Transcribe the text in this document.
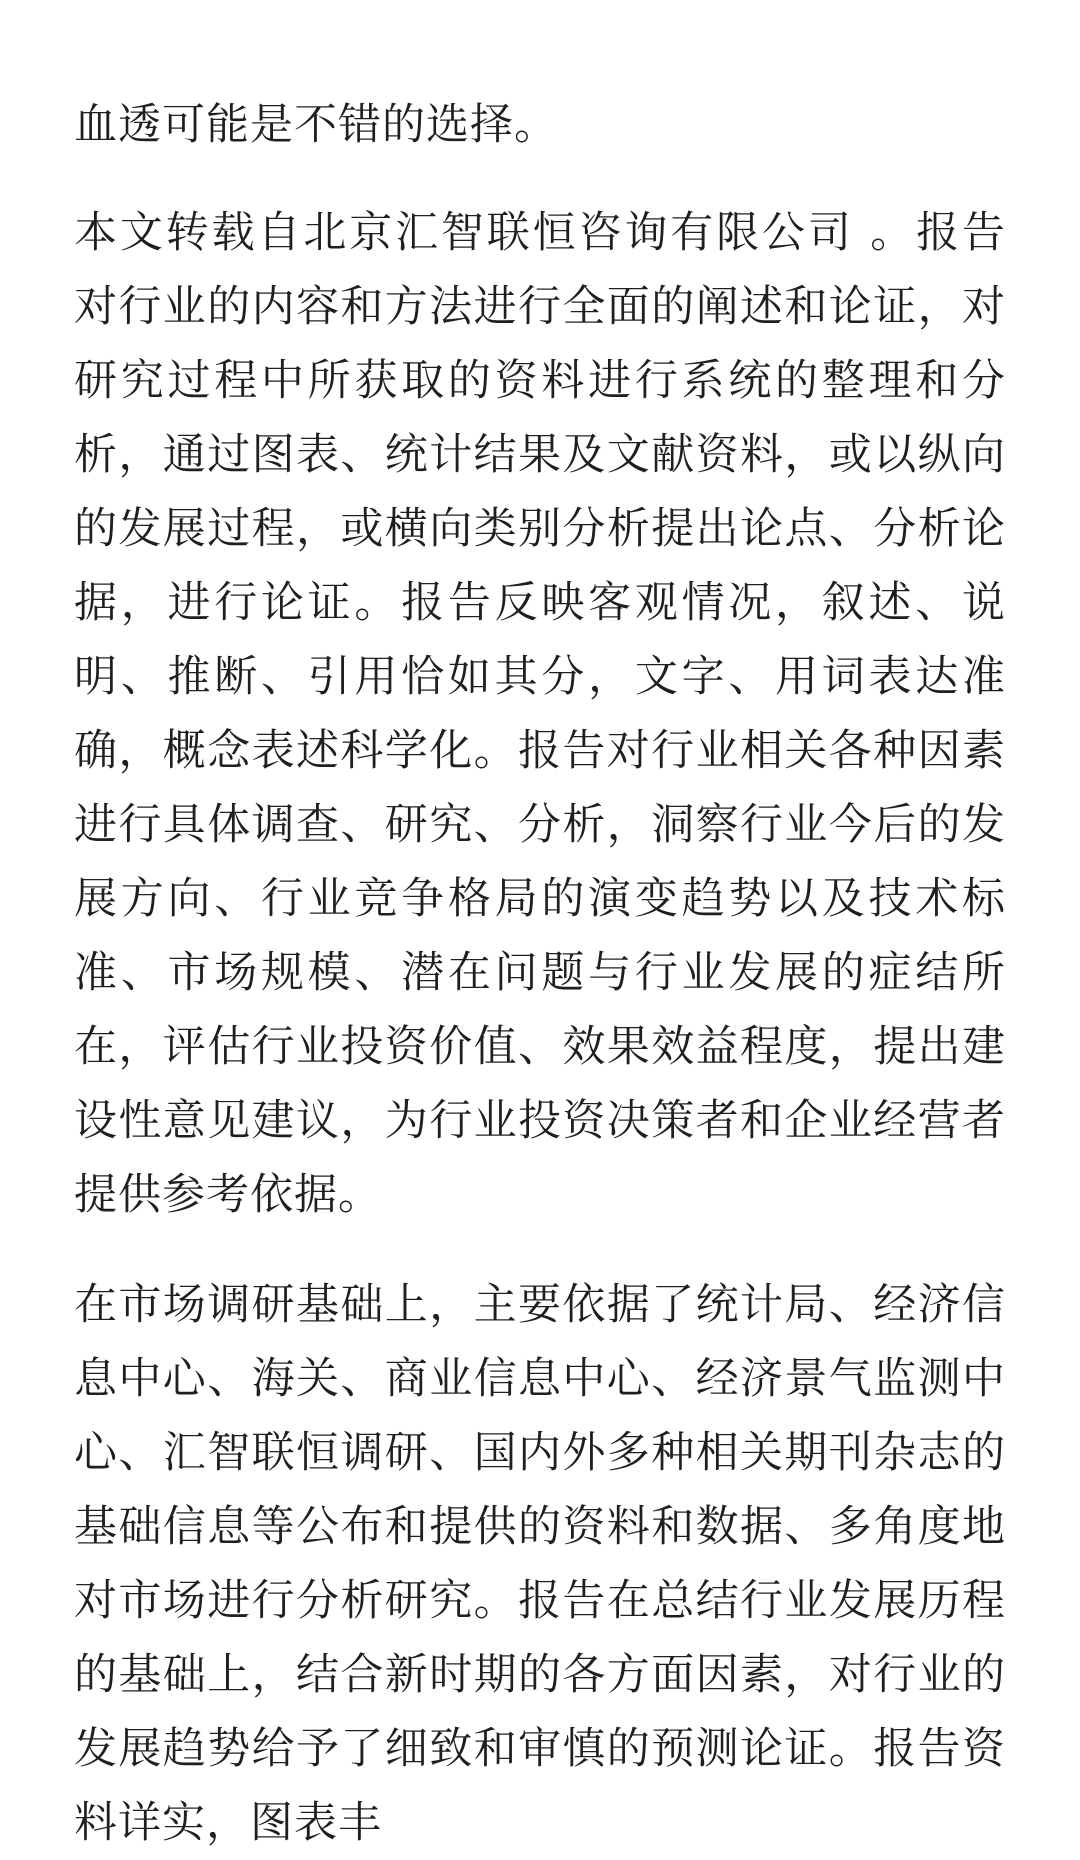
血透可能是不错的选择。

本文转载自北京汇智联恒咨询有限公司 。报告对行业的内容和方法进行全面的阐述和论证，对研究过程中所获取的资料进行系统的整理和分析，通过图表、统计结果及文献资料，或以纵向的发展过程，或横向类别分析提出论点、分析论据，进行论证。报告反映客观情况，叙述、说明、推断、引用恰如其分，文字、用词表达准确，概念表述科学化。报告对行业相关各种因素进行具体调查、研究、分析，洞察行业今后的发展方向、行业竞争格局的演变趋势以及技术标准、市场规模、潜在问题与行业发展的症结所在，评估行业投资价值、效果效益程度，提出建设性意见建议，为行业投资决策者和企业经营者提供参考依据。

在市场调研基础上，主要依据了统计局、经济信息中心、海关、商业信息中心、经济景气监测中心、汇智联恒调研、国内外多种相关期刊杂志的基础信息等公布和提供的资料和数据、多角度地对市场进行分析研究。报告在总结行业发展历程的基础上，结合新时期的各方面因素，对行业的发展趋势给予了细致和审慎的预测论证。报告资料详实，图表丰
